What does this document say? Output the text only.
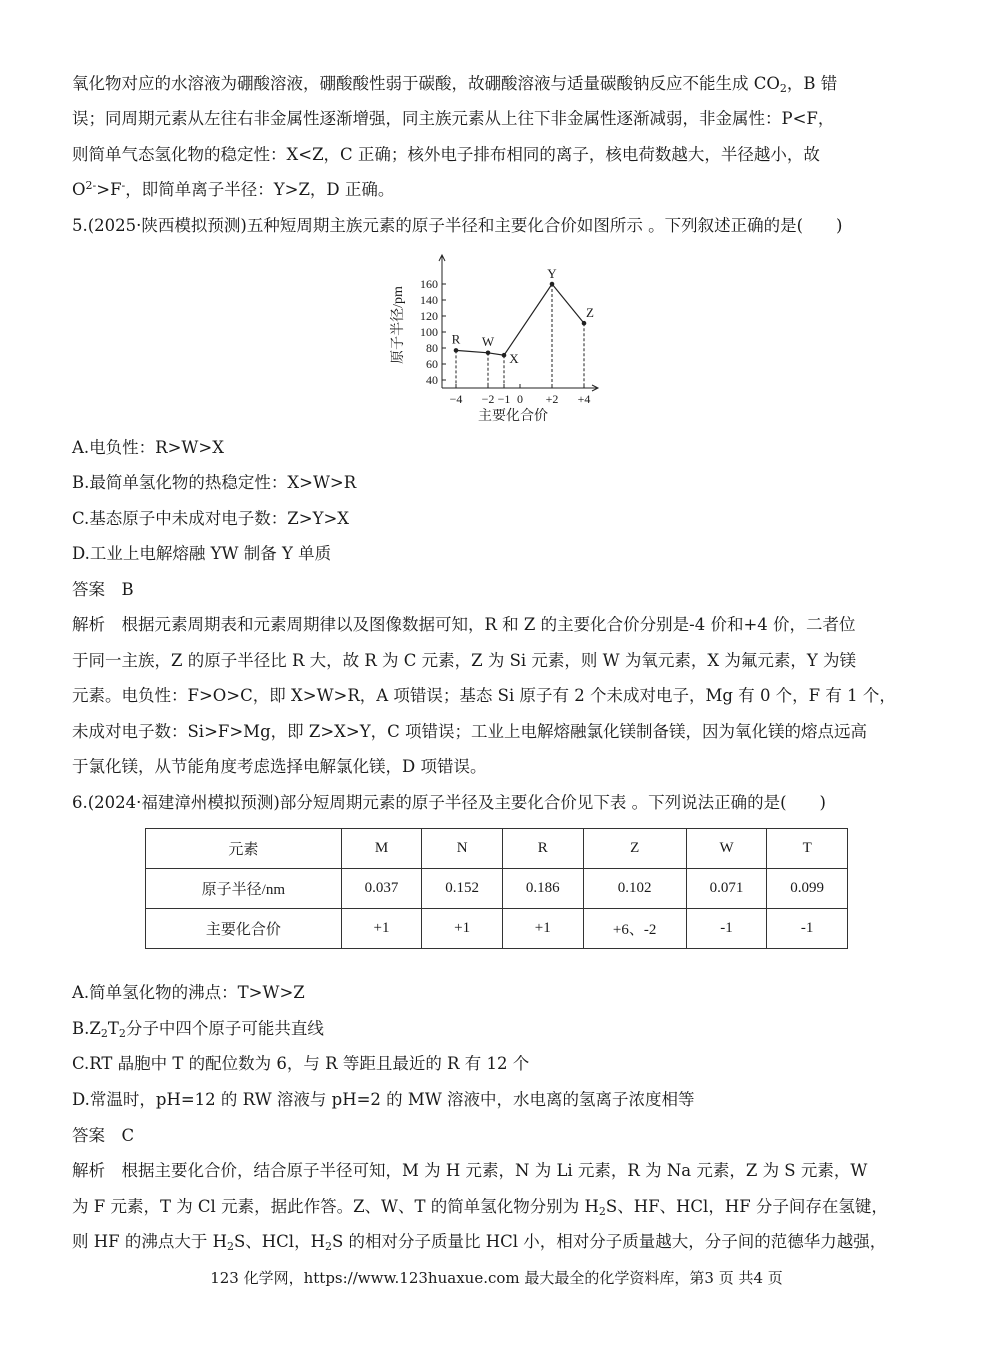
氧化物对应的水溶液为硼酸溶液，硼酸酸性弱于碳酸，故硼酸溶液与适量碳酸钠反应不能生成 $CO_2$，B 错
误；同周期元素从左往右非金属性逐渐增强，同主族元素从上往下非金属性逐渐减弱，非金属性：P<F，
则简单气态氢化物的稳定性：X<Z，C 正确；核外电子排布相同的离子，核电荷数越大，半径越小，故
$O^{2-}>F^-$，即简单离子半径：Y>Z，D 正确。
5.(2025·陕西模拟预测)五种短周期主族元素的原子半径和主要化合价如图所示 。下列叙述正确的是(　　)
40
60
80
100
120
140
160
−4 −2 −1 0 +2 +4
R W
X
Y
Z
原子半径/pm
主要化合价
A.电负性：R>W>X
B.最简单氢化物的热稳定性：X>W>R
C.基态原子中未成对电子数：Z>Y>X
D.工业上电解熔融 YW 制备 Y 单质
答案　B
解析　根据元素周期表和元素周期律以及图像数据可知，R 和 Z 的主要化合价分别是-4 价和+4 价，二者位
于同一主族，Z 的原子半径比 R 大，故 R 为 C 元素，Z 为 Si 元素，则 W 为氧元素，X 为氟元素，Y 为镁
元素。电负性：F>O>C，即 X>W>R，A 项错误；基态 Si 原子有 2 个未成对电子，Mg 有 0 个，F 有 1 个，
未成对电子数：Si>F>Mg，即 Z>X>Y，C 项错误；工业上电解熔融氯化镁制备镁，因为氧化镁的熔点远高
于氯化镁，从节能角度考虑选择电解氯化镁，D 项错误。
6.(2024·福建漳州模拟预测)部分短周期元素的原子半径及主要化合价见下表 。下列说法正确的是(　　)
元素	M	N	R	Z	W	T
原子半径/nm	0.037	0.152	0.186	0.102	0.071	0.099
主要化合价	+1	+1	+1	+6、-2	-1	-1
A.简单氢化物的沸点：T>W>Z
$B.Z_2T_2$分子中四个原子可能共直线
C.RT 晶胞中 T 的配位数为 6，与 R 等距且最近的 R 有 12 个
D.常温时，pH=12 的 RW 溶液与 pH=2 的 MW 溶液中，水电离的氢离子浓度相等
答案　C
解析　根据主要化合价，结合原子半径可知，M 为 H 元素，N 为 Li 元素，R 为 Na 元素，Z 为 S 元素，W
为 F 元素，T 为 Cl 元素，据此作答。Z、W、T 的简单氢化物分别为 $H_2S$、HF、HCl，HF 分子间存在氢键，
则 HF 的沸点大于 $H_2S$、HCl，$H_2S$ 的相对分子质量比 HCl 小，相对分子质量越大，分子间的范德华力越强，
123 化学网，https://www.123huaxue.com 最大最全的化学资料库，第3 页 共4 页
